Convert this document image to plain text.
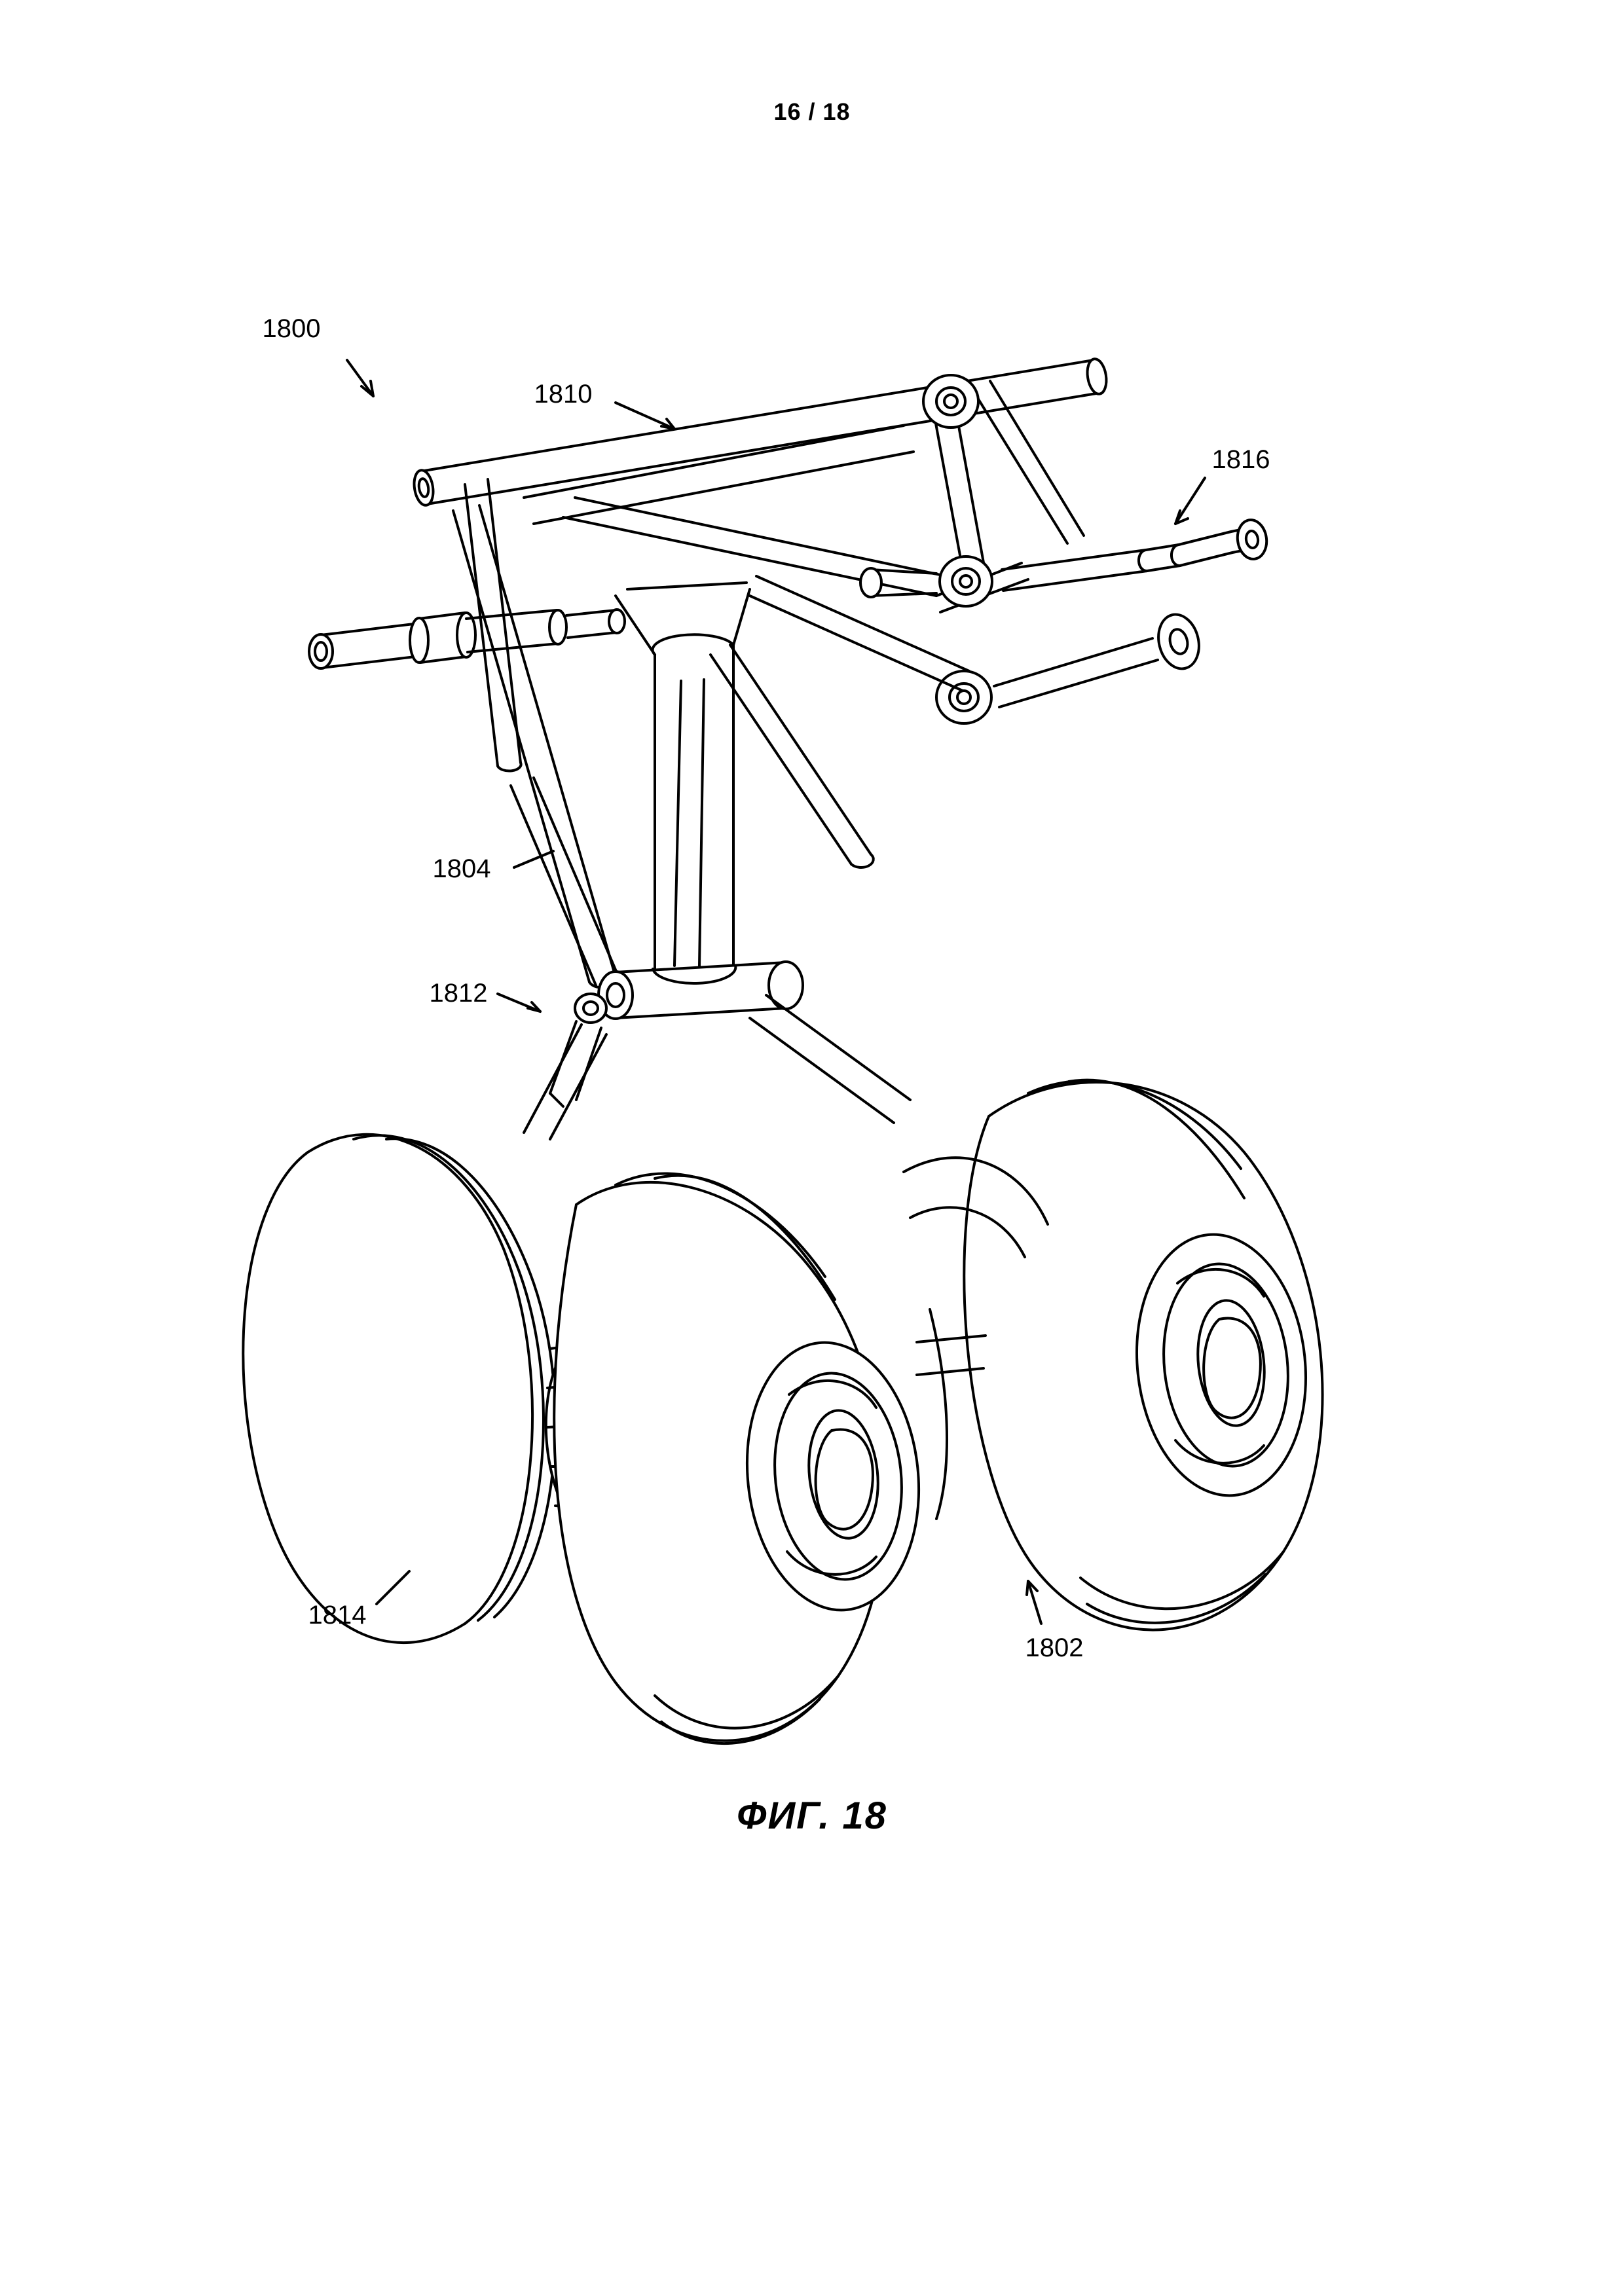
16 / 18
1800
1810
1816
1804
1812
1814
1802
ФИГ. 18
